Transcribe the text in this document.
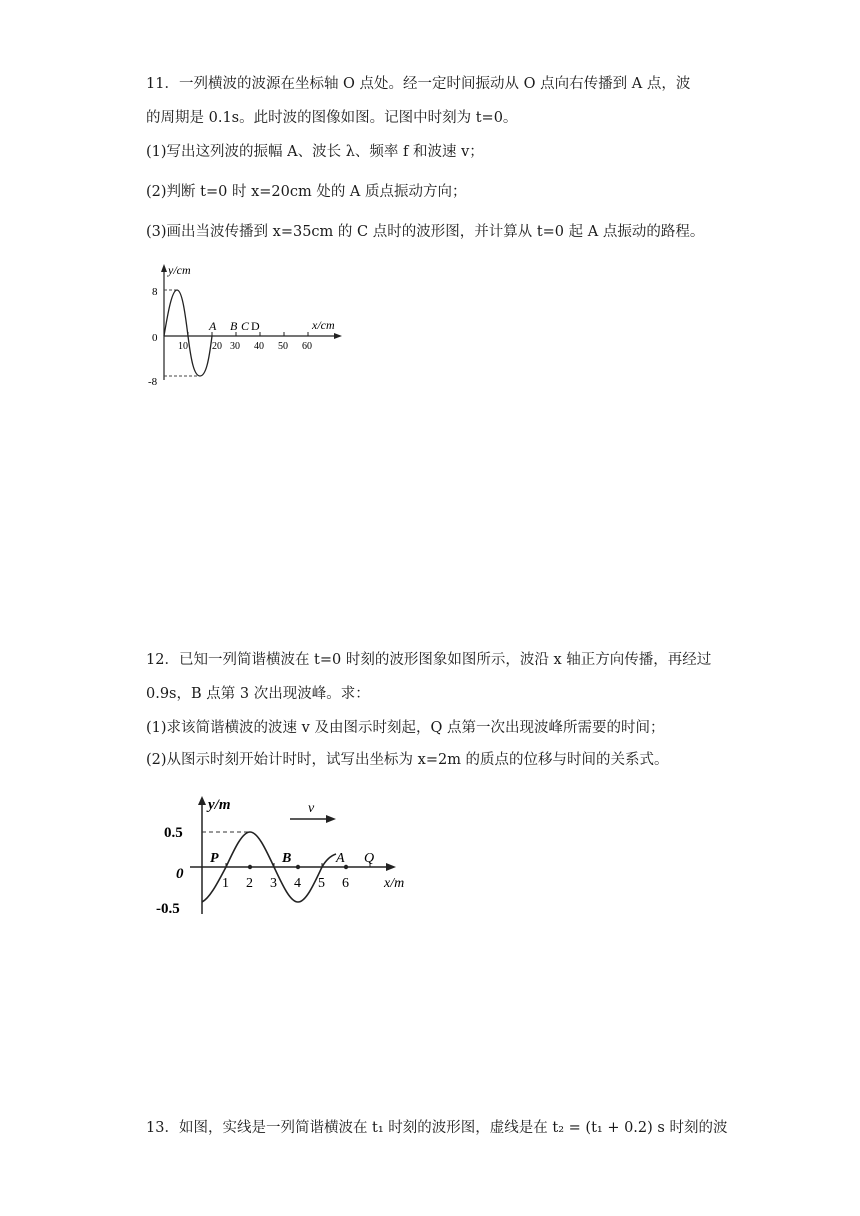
11．一列横波的波源在坐标轴 O 点处。经一定时间振动从 O 点向右传播到 A 点，波
的周期是 0.1s。此时波的图像如图。记图中时刻为 t=0。
(1)写出这列波的振幅 A、波长 λ、频率 f 和波速 v；
(2)判断 t=0 时 x=20cm 处的 A 质点振动方向；
(3)画出当波传播到 x=35cm 的 C 点时的波形图，并计算从 t=0 起 A 点振动的路程。
y/cm
x/cm
8
0
-8
10 20 30 40 50 60
A B C D
12．已知一列简谐横波在 t=0 时刻的波形图象如图所示，波沿 x 轴正方向传播，再经过
0.9s，B 点第 3 次出现波峰。求：
(1)求该简谐横波的波速 v 及由图示时刻起，Q 点第一次出现波峰所需要的时间；
(2)从图示时刻开始计时时，试写出坐标为 x=2m 的质点的位移与时间的关系式。
v
y/m
x/m
0.5
0
-0.5
1 2 3 4 5 6
P	B	A Q
13．如图，实线是一列简谐横波在 t₁ 时刻的波形图，虚线是在 t₂ = (t₁ + 0.2) s 时刻的波
